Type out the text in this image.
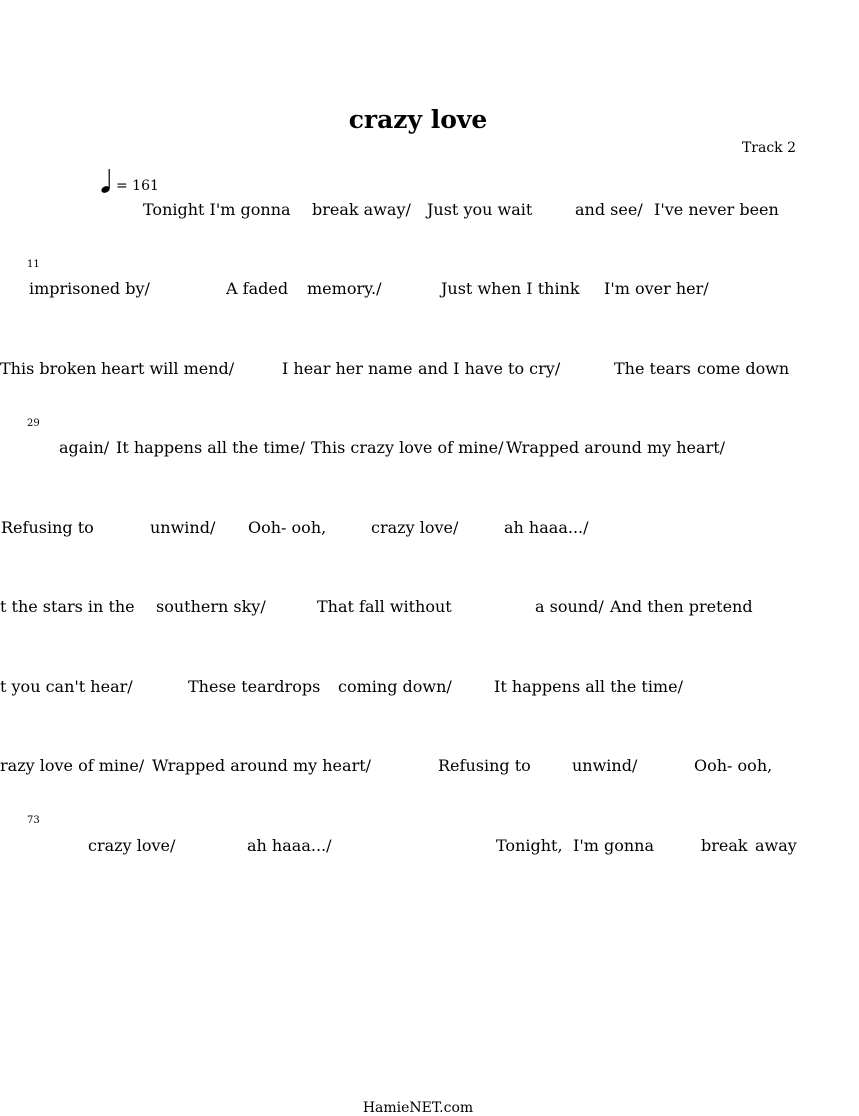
crazy love
Track 2
= 161
Tonight I'm gonna break away/ Just you wait	and see/ I've never been
11
imprisoned by/	A faded memory./	Just when I think I'm over her/
This broken heart will mend/	I hear her name and I have to cry/	The tears come down
29
again/ It happens all the time/ This crazy love of mine/ Wrapped around my heart/
Refusing to	unwind/ Ooh- ooh,	crazy love/	ah haaa.../
t the stars in the southern sky/	That fall without	a sound/ And then pretend
t you can't hear/	These teardrops coming down/	It happens all the time/
razy love of mine/ Wrapped around my heart/	Refusing to	unwind/	Ooh- ooh,
73
crazy love/	ah haaa.../	Tonight, I'm gonna	break away
HamieNET.com
